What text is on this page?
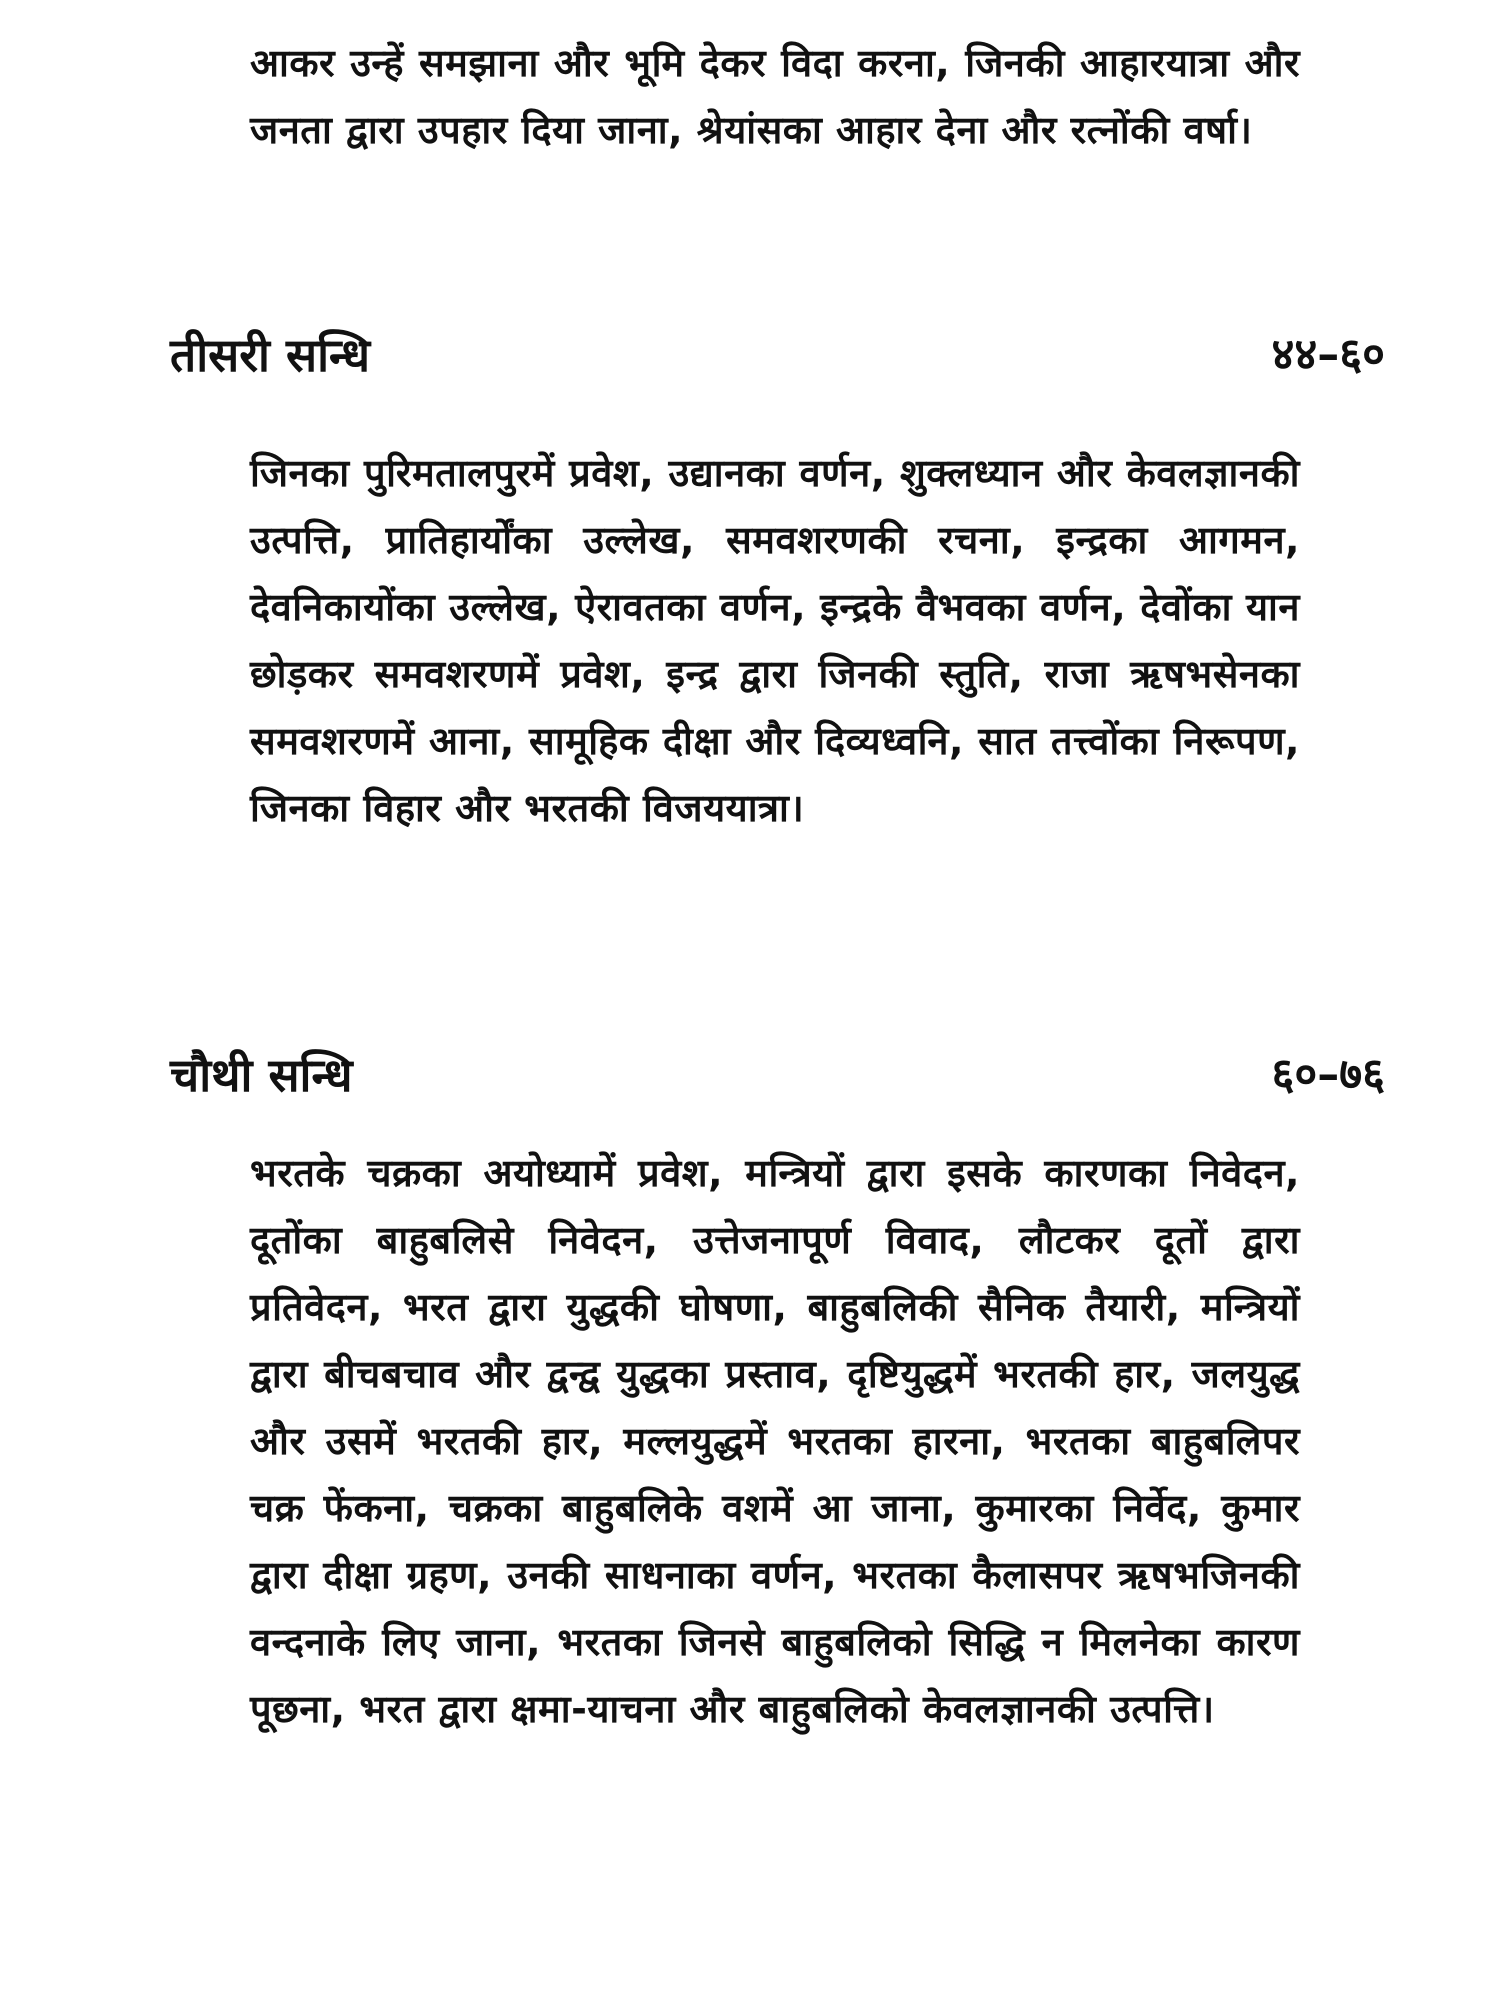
आकर उन्हें समझाना और भूमि देकर विदा करना, जिनकी आहारयात्रा और जनता द्वारा उपहार दिया जाना, श्रेयांसका आहार देना और रत्नोंकी वर्षा।

तीसरी सन्धि	४४–६०

जिनका पुरिमतालपुरमें प्रवेश, उद्यानका वर्णन, शुक्लध्यान और केवलज्ञानकी उत्पत्ति, प्रातिहार्योंका उल्लेख, समवशरणकी रचना, इन्द्रका आगमन, देवनिकायोंका उल्लेख, ऐरावतका वर्णन, इन्द्रके वैभवका वर्णन, देवोंका यान छोड़कर समवशरणमें प्रवेश, इन्द्र द्वारा जिनकी स्तुति, राजा ऋषभसेनका समवशरणमें आना, सामूहिक दीक्षा और दिव्यध्वनि, सात तत्त्वोंका निरूपण, जिनका विहार और भरतकी विजययात्रा।

चौथी सन्धि	६०–७६

भरतके चक्रका अयोध्यामें प्रवेश, मन्त्रियों द्वारा इसके कारणका निवेदन, दूतोंका बाहुबलिसे निवेदन, उत्तेजनापूर्ण विवाद, लौटकर दूतों द्वारा प्रतिवेदन, भरत द्वारा युद्धकी घोषणा, बाहुबलिकी सैनिक तैयारी, मन्त्रियों द्वारा बीचबचाव और द्वन्द्व युद्धका प्रस्ताव, दृष्टियुद्धमें भरतकी हार, जलयुद्ध और उसमें भरतकी हार, मल्लयुद्धमें भरतका हारना, भरतका बाहुबलिपर चक्र फेंकना, चक्रका बाहुबलिके वशमें आ जाना, कुमारका निर्वेद, कुमार द्वारा दीक्षा ग्रहण, उनकी साधनाका वर्णन, भरतका कैलासपर ऋषभजिनकी वन्दनाके लिए जाना, भरतका जिनसे बाहुबलिको सिद्धि न मिलनेका कारण पूछना, भरत द्वारा क्षमा-याचना और बाहुबलिको केवलज्ञानकी उत्पत्ति।
